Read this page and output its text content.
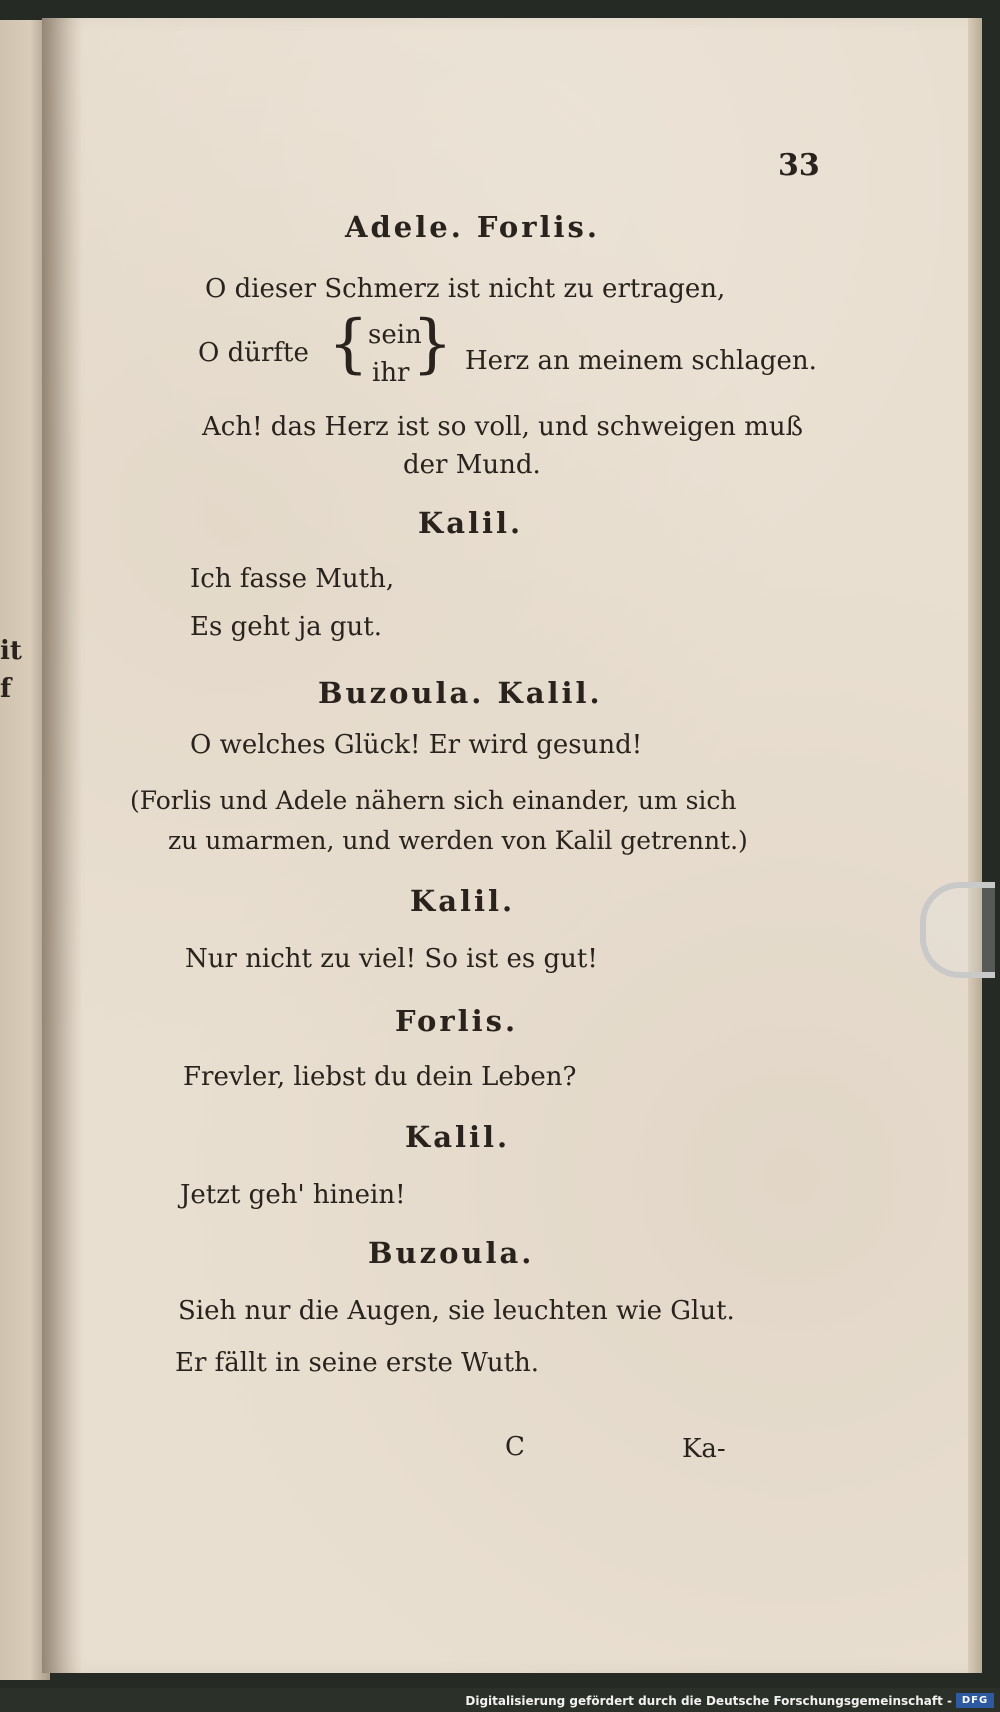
it
f
33
Adele. Forlis.
O dieser Schmerz ist nicht zu ertragen,
O dürfte { sein
ihr } Herz an meinem schlagen.
Ach! das Herz ist so voll, und schweigen muß
der Mund.
Kalil.
Ich fasse Muth,
Es geht ja gut.
Buzoula. Kalil.
O welches Glück! Er wird gesund!
(Forlis und Adele nähern sich einander, um sich
zu umarmen, und werden von Kalil getrennt.)
Kalil.
Nur nicht zu viel! So ist es gut!
Forlis.
Frevler, liebst du dein Leben?
Kalil.
Jetzt geh' hinein!
Buzoula.
Sieh nur die Augen, sie leuchten wie Glut.
Er fällt in seine erste Wuth.
C	Ka-
Digitalisierung gefördert durch die Deutsche Forschungsgemeinschaft - DFG
